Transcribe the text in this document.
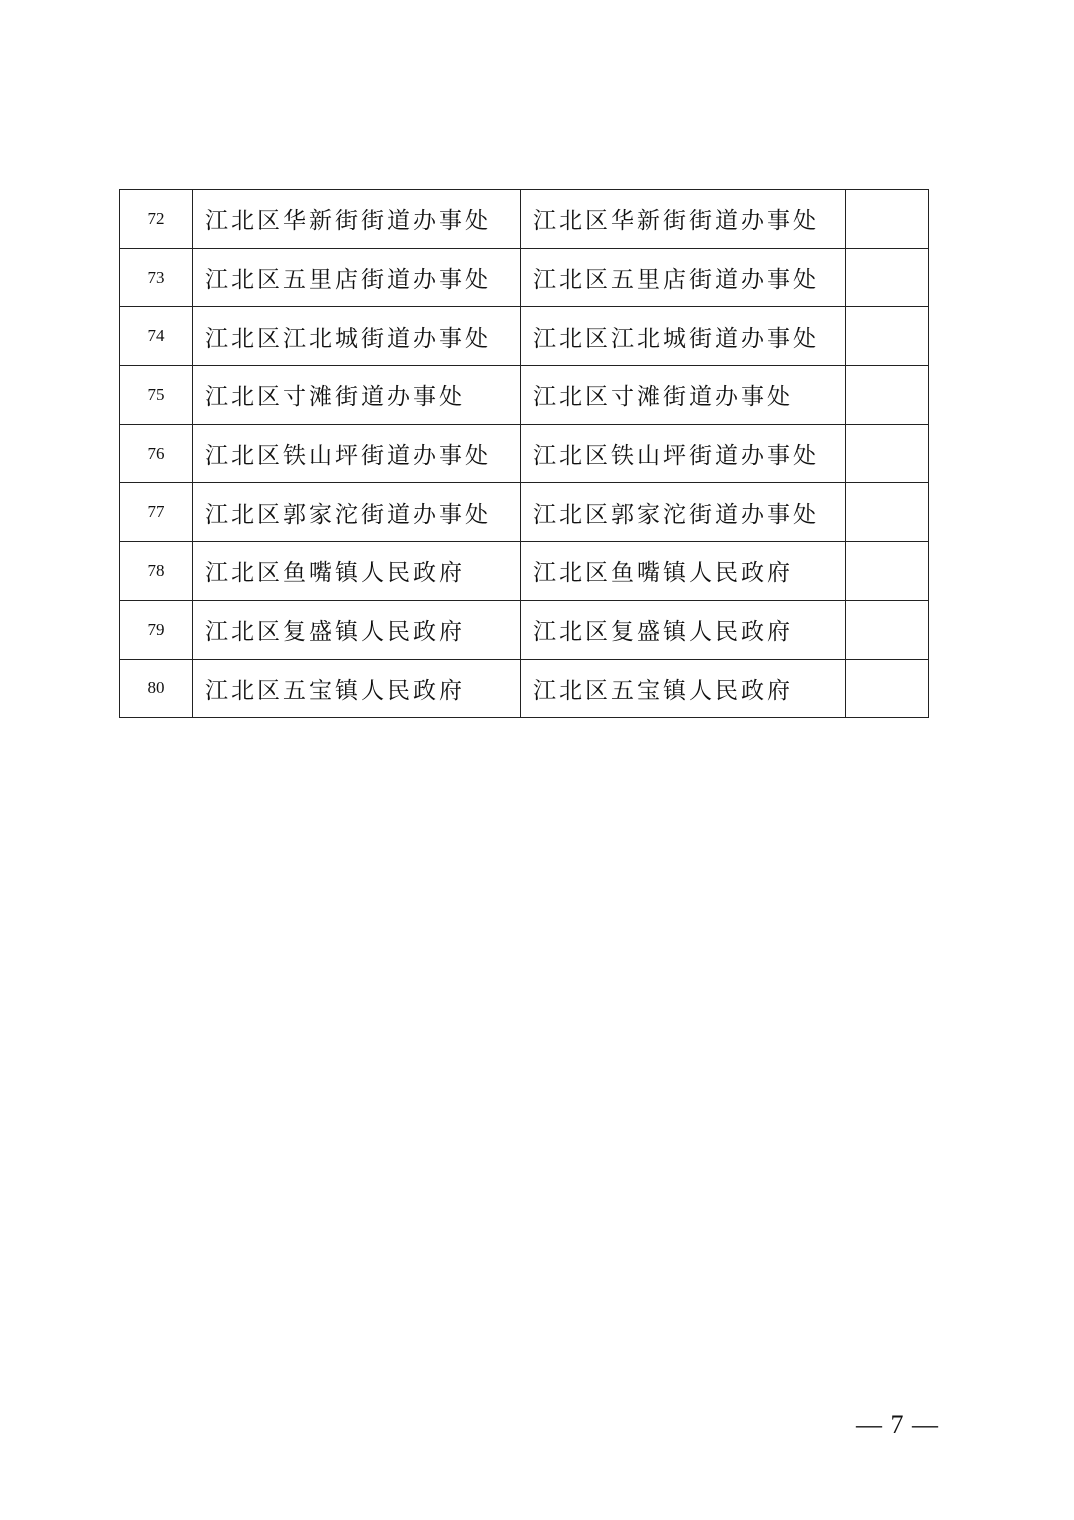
72	江北区华新街街道办事处	江北区华新街街道办事处	
73	江北区五里店街道办事处	江北区五里店街道办事处	
74	江北区江北城街道办事处	江北区江北城街道办事处	
75	江北区寸滩街道办事处	江北区寸滩街道办事处	
76	江北区铁山坪街道办事处	江北区铁山坪街道办事处	
77	江北区郭家沱街道办事处	江北区郭家沱街道办事处	
78	江北区鱼嘴镇人民政府	江北区鱼嘴镇人民政府	
79	江北区复盛镇人民政府	江北区复盛镇人民政府	
80	江北区五宝镇人民政府	江北区五宝镇人民政府	
— 7 —
